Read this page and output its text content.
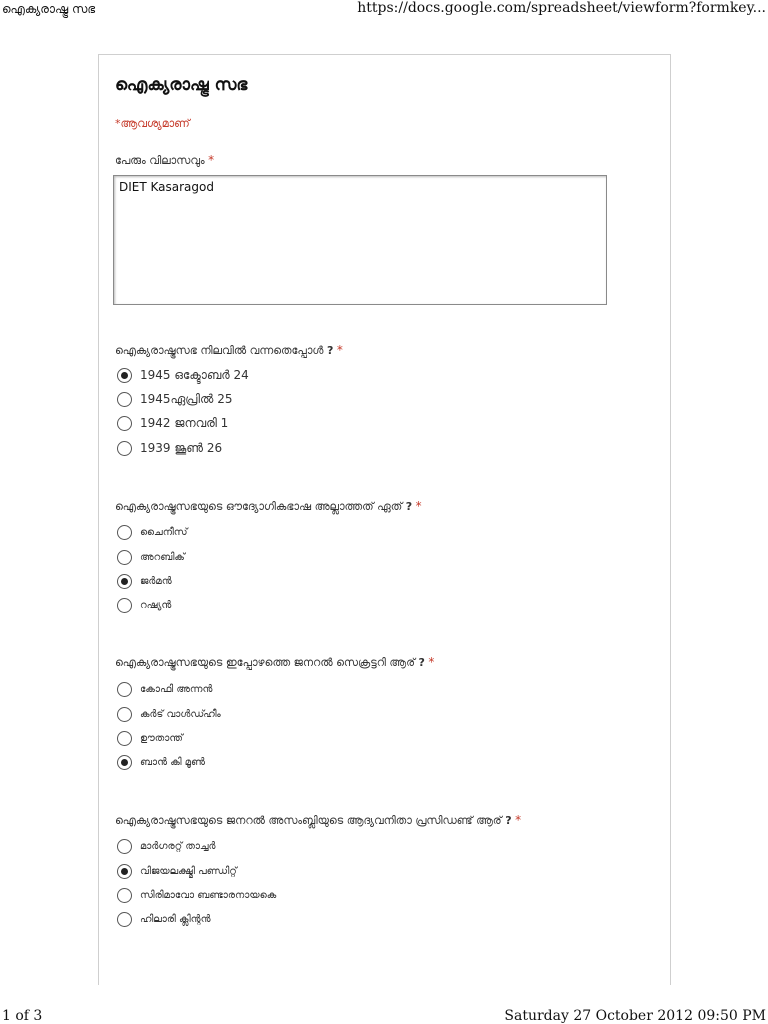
ഐക്യരാഷ്ട്ര സഭ	https://docs.google.com/spreadsheet/viewform?formkey...
ഐക്യരാഷ്ട്ര സഭ
*ആവശ്യമാണ്
പേരും വിലാസവും *
DIET Kasaragod
ഐക്യരാഷ്ട്രസഭ നിലവിൽ വന്നതെപ്പോൾ ? *
1945 ഒക്ടോബർ 24
1945ഏപ്രിൽ 25
1942 ജനവരി 1
1939 ജൂൺ 26
ഐക്യരാഷ്ട്രസഭയുടെ ഔദ്യോഗികഭാഷ അല്ലാത്തത് ഏത് ? *
ചൈനീസ്
അറബിക്
ജർമൻ
റഷ്യൻ
ഐക്യരാഷ്ട്രസഭയുടെ ഇപ്പോഴത്തെ ജനറൽ സെക്രട്ടറി ആര് ? *
കോഫി അന്നൻ
കർട് വാൾഡ്ഹീം
ഊതാന്ത്
ബാൻ കി മൂൺ
ഐക്യരാഷ്ട്രസഭയുടെ ജനറൽ അസംബ്ലിയുടെ ആദ്യവനിതാ പ്രസിഡണ്ട് ആര് ? *
മാർഗരറ്റ് താച്ചർ
വിജയലക്ഷ്മി പണ്ഡിറ്റ്
സിരിമാവോ ബണ്ടാരനായകെ
ഹിലാരി ക്ലിന്റൻ
1 of 3	Saturday 27 October 2012 09:50 PM
